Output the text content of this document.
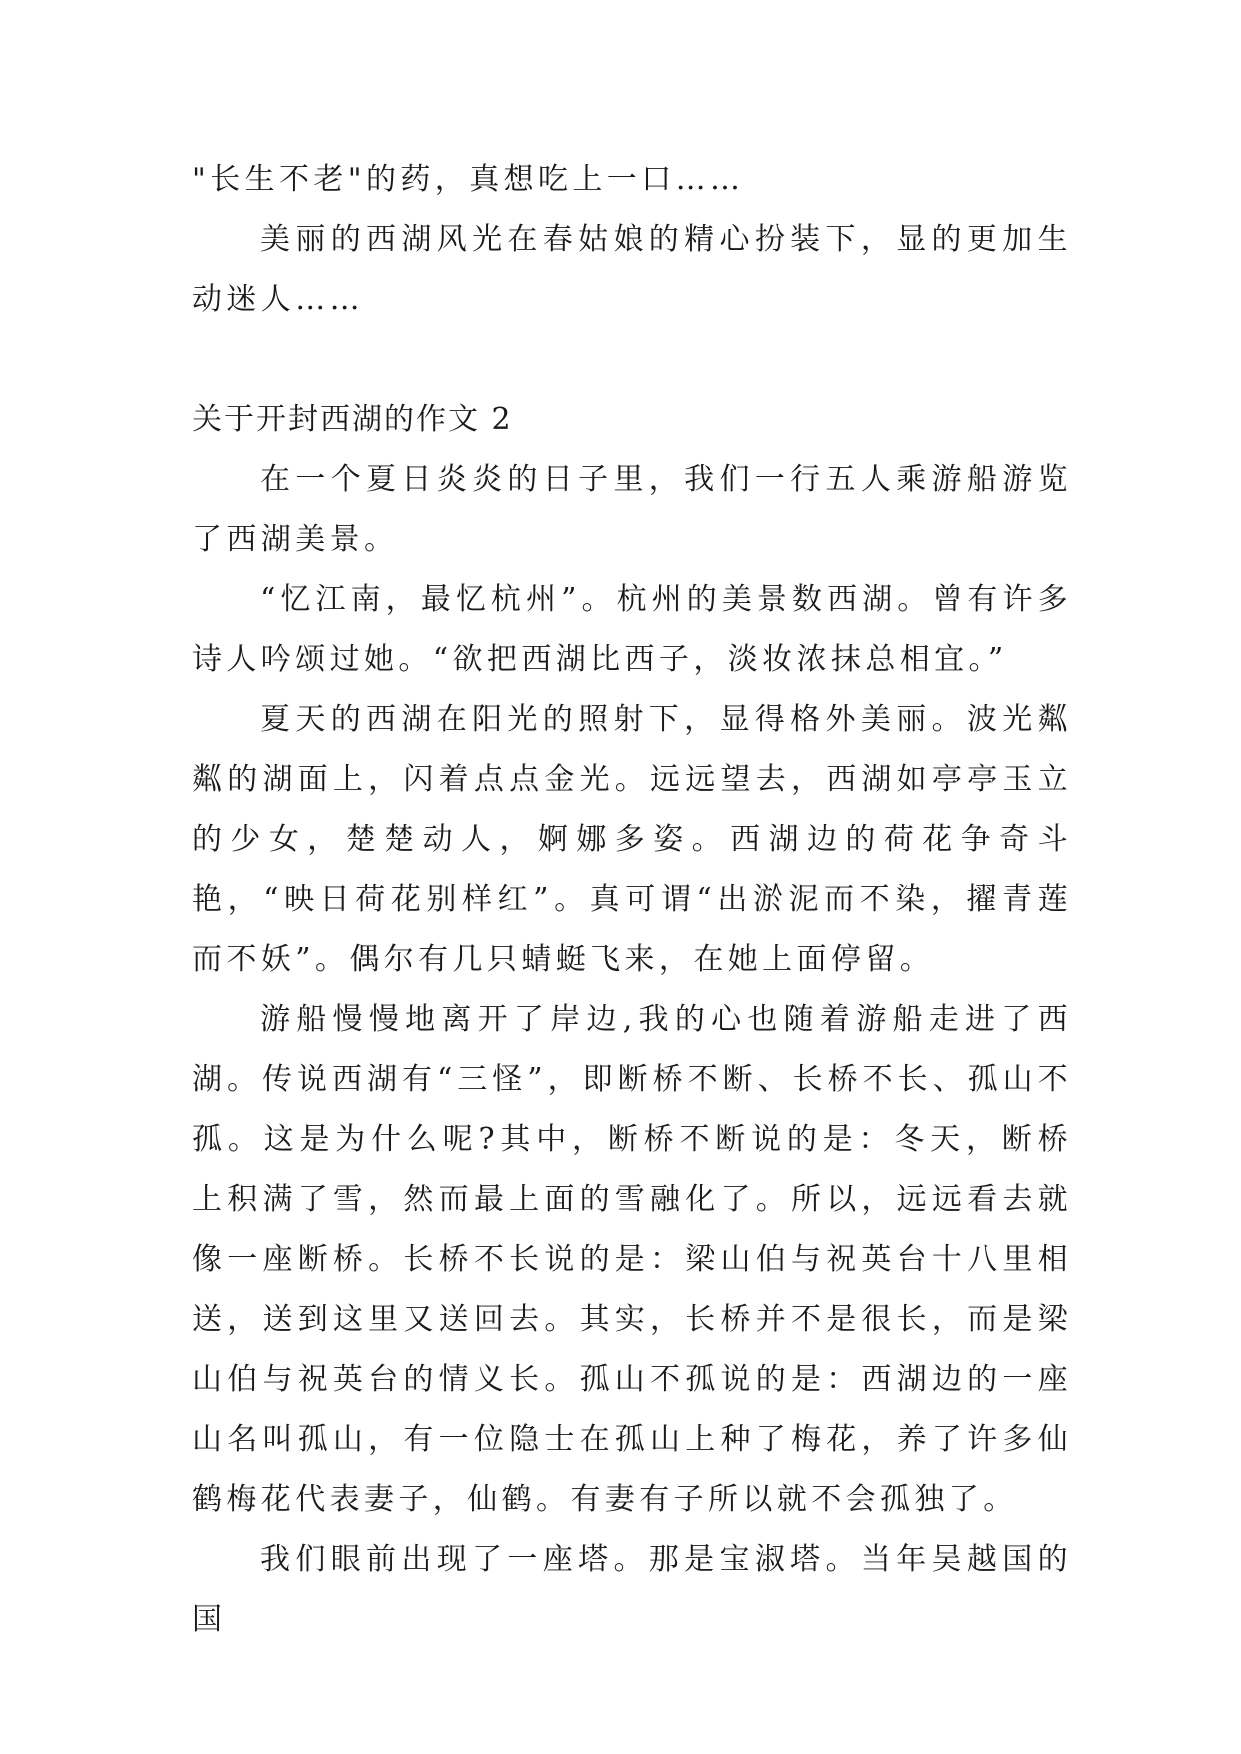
"长生不老"的药，真想吃上一口……

美丽的西湖风光在春姑娘的精心扮装下，显的更加生动迷人……

关于开封西湖的作文 2

在一个夏日炎炎的日子里，我们一行五人乘游船游览了西湖美景。

“忆江南，最忆杭州”。杭州的美景数西湖。曾有许多诗人吟颂过她。“欲把西湖比西子，淡妆浓抹总相宜。”

夏天的西湖在阳光的照射下，显得格外美丽。波光粼粼的湖面上，闪着点点金光。远远望去，西湖如亭亭玉立的少女，楚楚动人，婀娜多姿。西湖边的荷花争奇斗艳，“映日荷花别样红”。真可谓“出淤泥而不染，擢青莲而不妖”。偶尔有几只蜻蜓飞来，在她上面停留。

游船慢慢地离开了岸边,我的心也随着游船走进了西湖。传说西湖有“三怪”，即断桥不断、长桥不长、孤山不孤。这是为什么呢?其中，断桥不断说的是：冬天，断桥上积满了雪，然而最上面的雪融化了。所以，远远看去就像一座断桥。长桥不长说的是：梁山伯与祝英台十八里相送，送到这里又送回去。其实，长桥并不是很长，而是梁山伯与祝英台的情义长。孤山不孤说的是：西湖边的一座山名叫孤山，有一位隐士在孤山上种了梅花，养了许多仙鹤梅花代表妻子，仙鹤。有妻有子所以就不会孤独了。

我们眼前出现了一座塔。那是宝淑塔。当年吴越国的国
